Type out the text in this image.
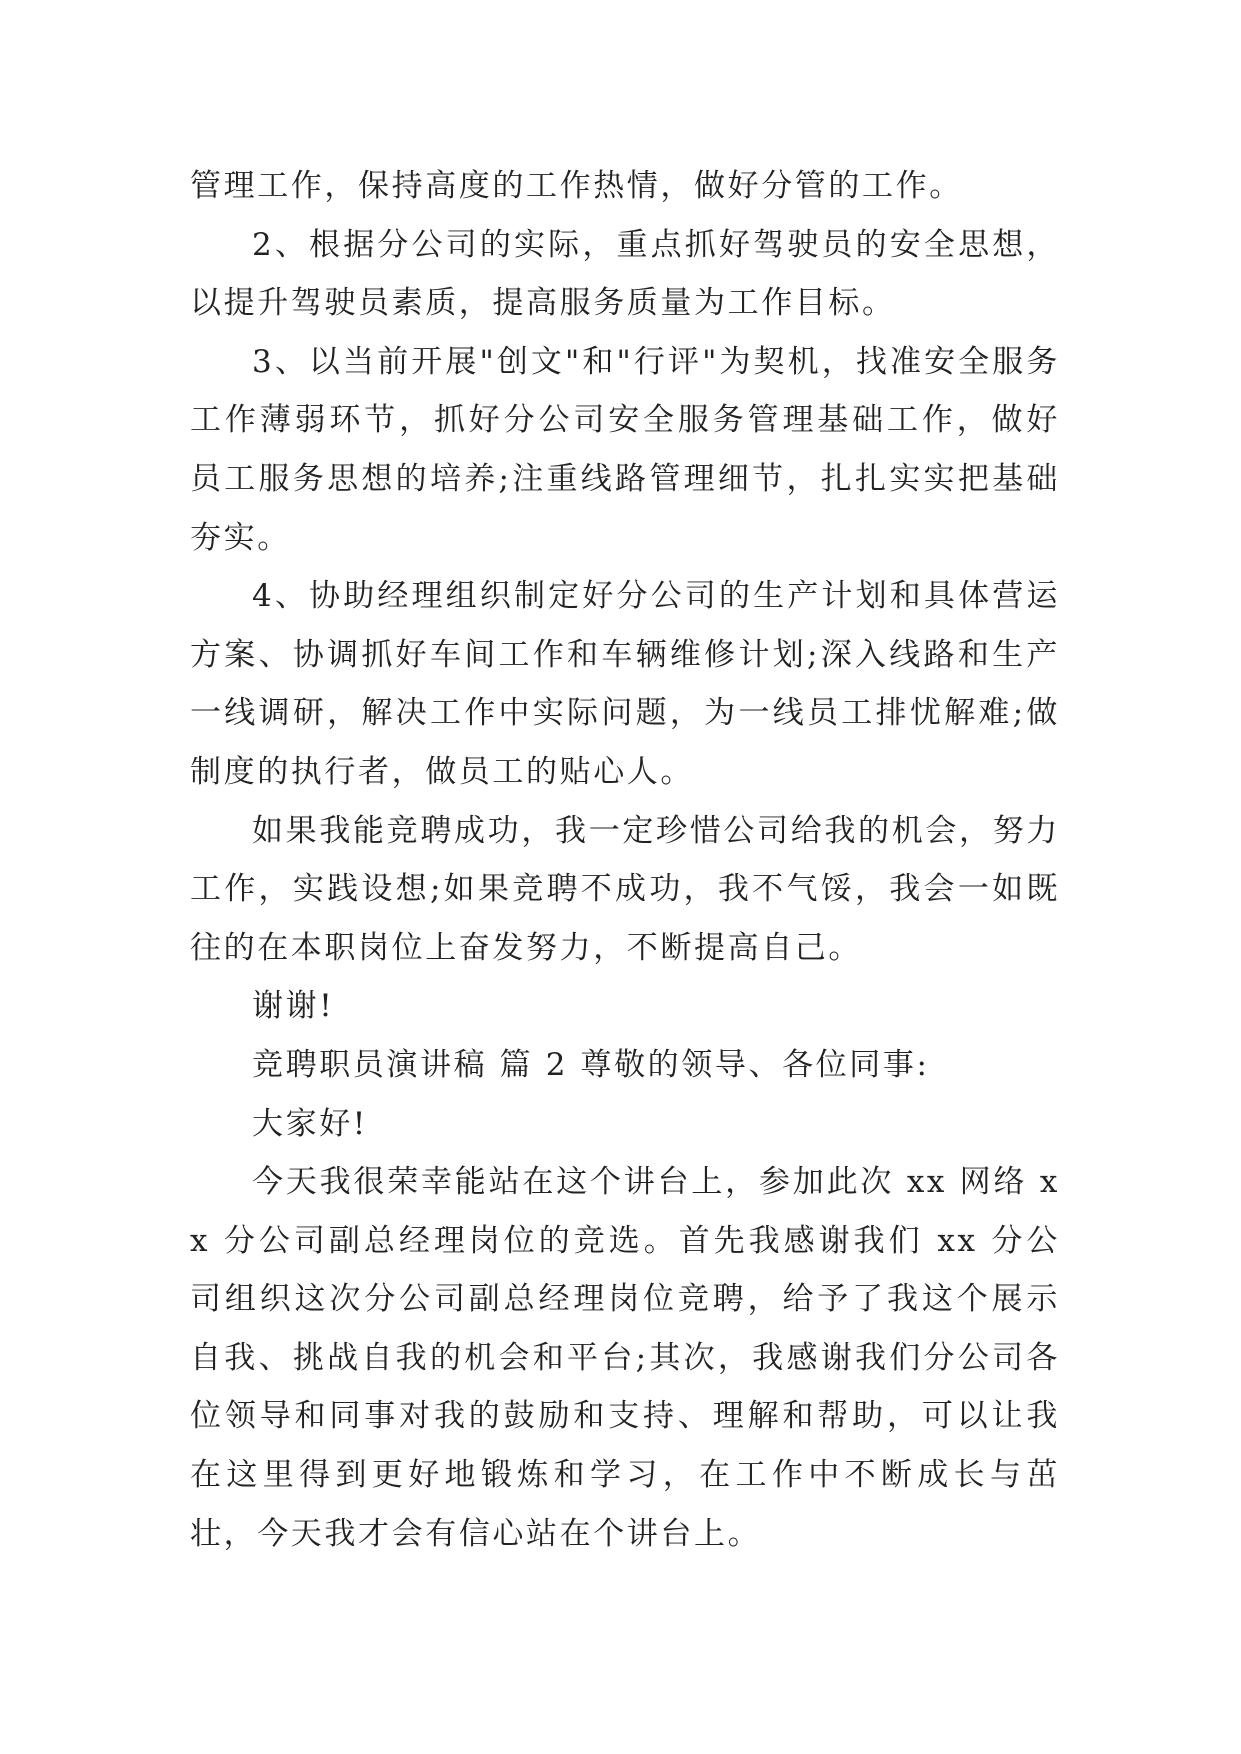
管理工作，保持高度的工作热情，做好分管的工作。

2、根据分公司的实际，重点抓好驾驶员的安全思想，以提升驾驶员素质，提高服务质量为工作目标。

3、以当前开展"创文"和"行评"为契机，找准安全服务工作薄弱环节，抓好分公司安全服务管理基础工作，做好员工服务思想的培养;注重线路管理细节，扎扎实实把基础夯实。

4、协助经理组织制定好分公司的生产计划和具体营运方案、协调抓好车间工作和车辆维修计划;深入线路和生产一线调研，解决工作中实际问题，为一线员工排忧解难;做制度的执行者，做员工的贴心人。

如果我能竞聘成功，我一定珍惜公司给我的机会，努力工作，实践设想;如果竞聘不成功，我不气馁，我会一如既往的在本职岗位上奋发努力，不断提高自己。

谢谢!

竞聘职员演讲稿 篇 2 尊敬的领导、各位同事:

大家好!

今天我很荣幸能站在这个讲台上，参加此次 xx 网络 xx 分公司副总经理岗位的竞选。首先我感谢我们 xx 分公司组织这次分公司副总经理岗位竞聘，给予了我这个展示自我、挑战自我的机会和平台;其次，我感谢我们分公司各位领导和同事对我的鼓励和支持、理解和帮助，可以让我在这里得到更好地锻炼和学习，在工作中不断成长与茁壮，今天我才会有信心站在个讲台上。
